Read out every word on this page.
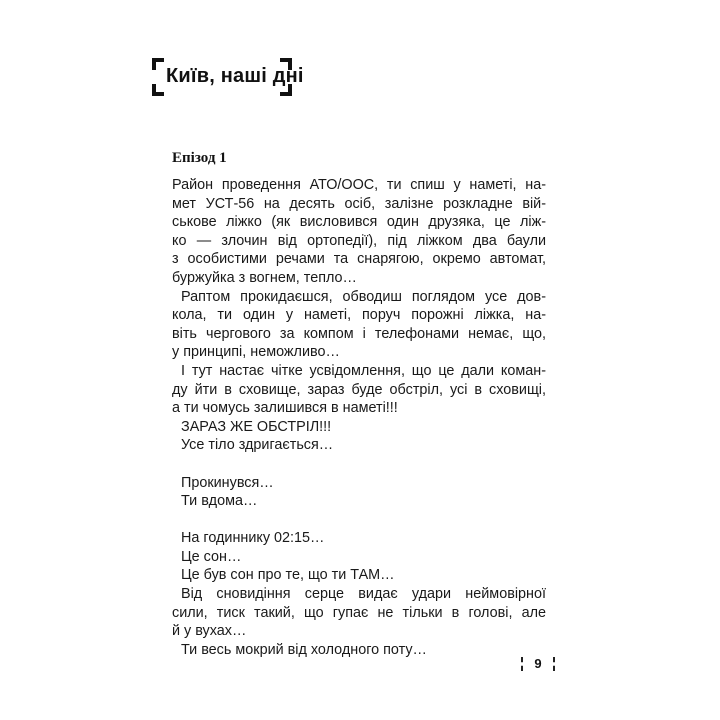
Київ, наші дні
Епізод 1
Район проведення АТО/ООС, ти спиш у наметі, на-
мет УСТ-56 на десять осіб, залізне розкладне вій-
ськове ліжко (як висловився один друзяка, це ліж-
ко — злочин від ортопедії), під ліжком два баули
з особистими речами та снарягою, окремо автомат,
буржуйка з вогнем, тепло…
Раптом прокидаєшся, обводиш поглядом усе дов-
кола, ти один у наметі, поруч порожні ліжка, на-
віть чергового за компом і телефонами немає, що,
у принципі, неможливо…
І тут настає чітке усвідомлення, що це дали коман-
ду йти в сховище, зараз буде обстріл, усі в сховищі,
а ти чомусь залишився в наметі!!!
ЗАРАЗ ЖЕ ОБСТРІЛ!!!
Усе тіло здригається…
Прокинувся…
Ти вдома…
На годиннику 02:15…
Це сон…
Це був сон про те, що ти ТАМ…
Від сновидіння серце видає удари неймовірної
сили, тиск такий, що гупає не тільки в голові, але
й у вухах…
Ти весь мокрий від холодного поту…
9
